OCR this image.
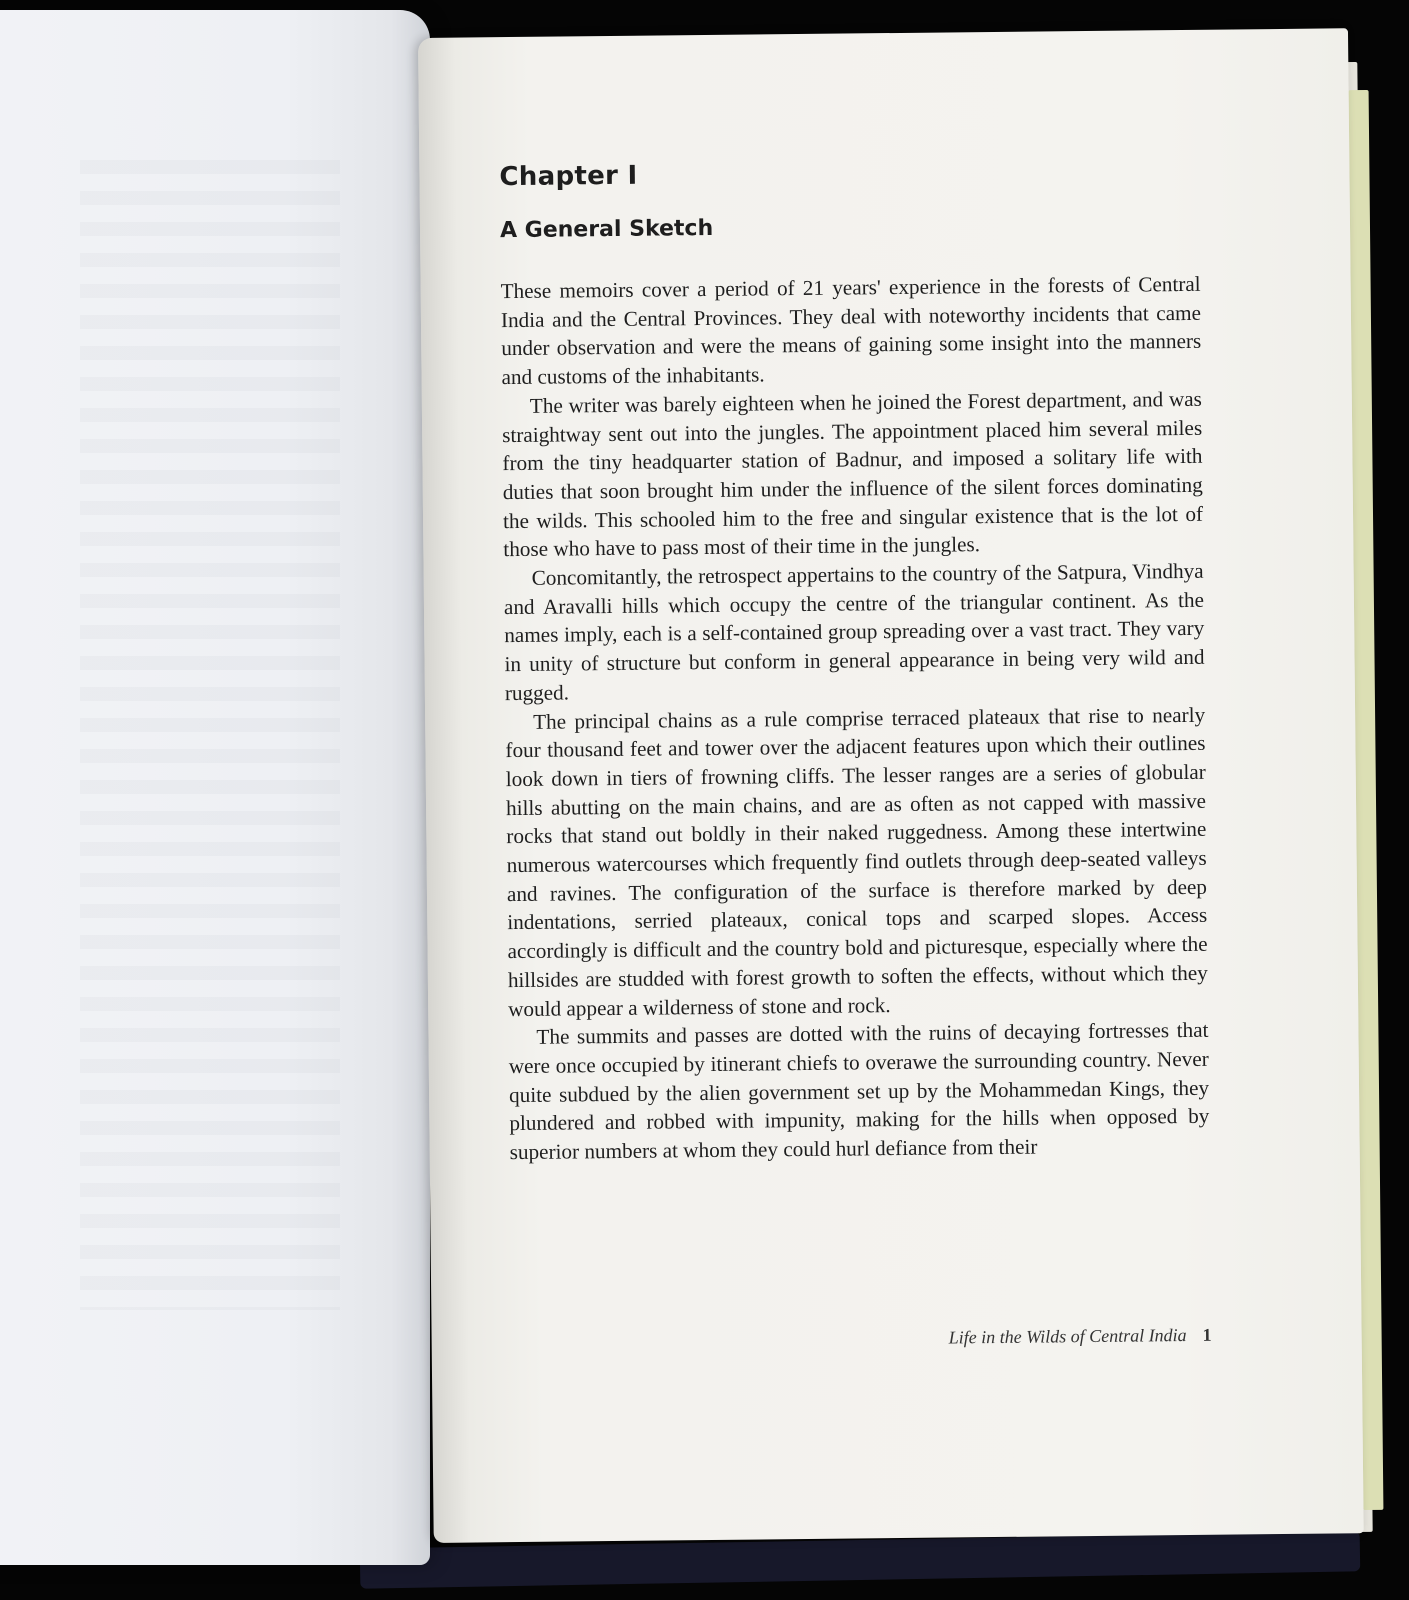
Chapter I
A General Sketch

These memoirs cover a period of 21 years' experience in the forests of Central India and the Central Provinces. They deal with noteworthy incidents that came under observation and were the means of gaining some insight into the manners and customs of the inhabitants.

The writer was barely eighteen when he joined the Forest department, and was straightway sent out into the jungles. The appointment placed him several miles from the tiny headquarter station of Badnur, and imposed a solitary life with duties that soon brought him under the influence of the silent forces dominating the wilds. This schooled him to the free and singular existence that is the lot of those who have to pass most of their time in the jungles.

Concomitantly, the retrospect appertains to the country of the Satpura, Vindhya and Aravalli hills which occupy the centre of the triangular continent. As the names imply, each is a self-contained group spreading over a vast tract. They vary in unity of structure but conform in general appearance in being very wild and rugged.

The principal chains as a rule comprise terraced plateaux that rise to nearly four thousand feet and tower over the adjacent features upon which their outlines look down in tiers of frowning cliffs. The lesser ranges are a series of globular hills abutting on the main chains, and are as often as not capped with massive rocks that stand out boldly in their naked ruggedness. Among these intertwine numerous watercourses which frequently find outlets through deep-seated valleys and ravines. The configuration of the surface is therefore marked by deep indentations, serried plateaux, conical tops and scarped slopes. Access accordingly is difficult and the country bold and picturesque, especially where the hillsides are studded with forest growth to soften the effects, without which they would appear a wilderness of stone and rock.

The summits and passes are dotted with the ruins of decaying fortresses that were once occupied by itinerant chiefs to overawe the surrounding country. Never quite subdued by the alien government set up by the Mohammedan Kings, they plundered and robbed with impunity, making for the hills when opposed by superior numbers at whom they could hurl defiance from their

Life in the Wilds of Central India 1
